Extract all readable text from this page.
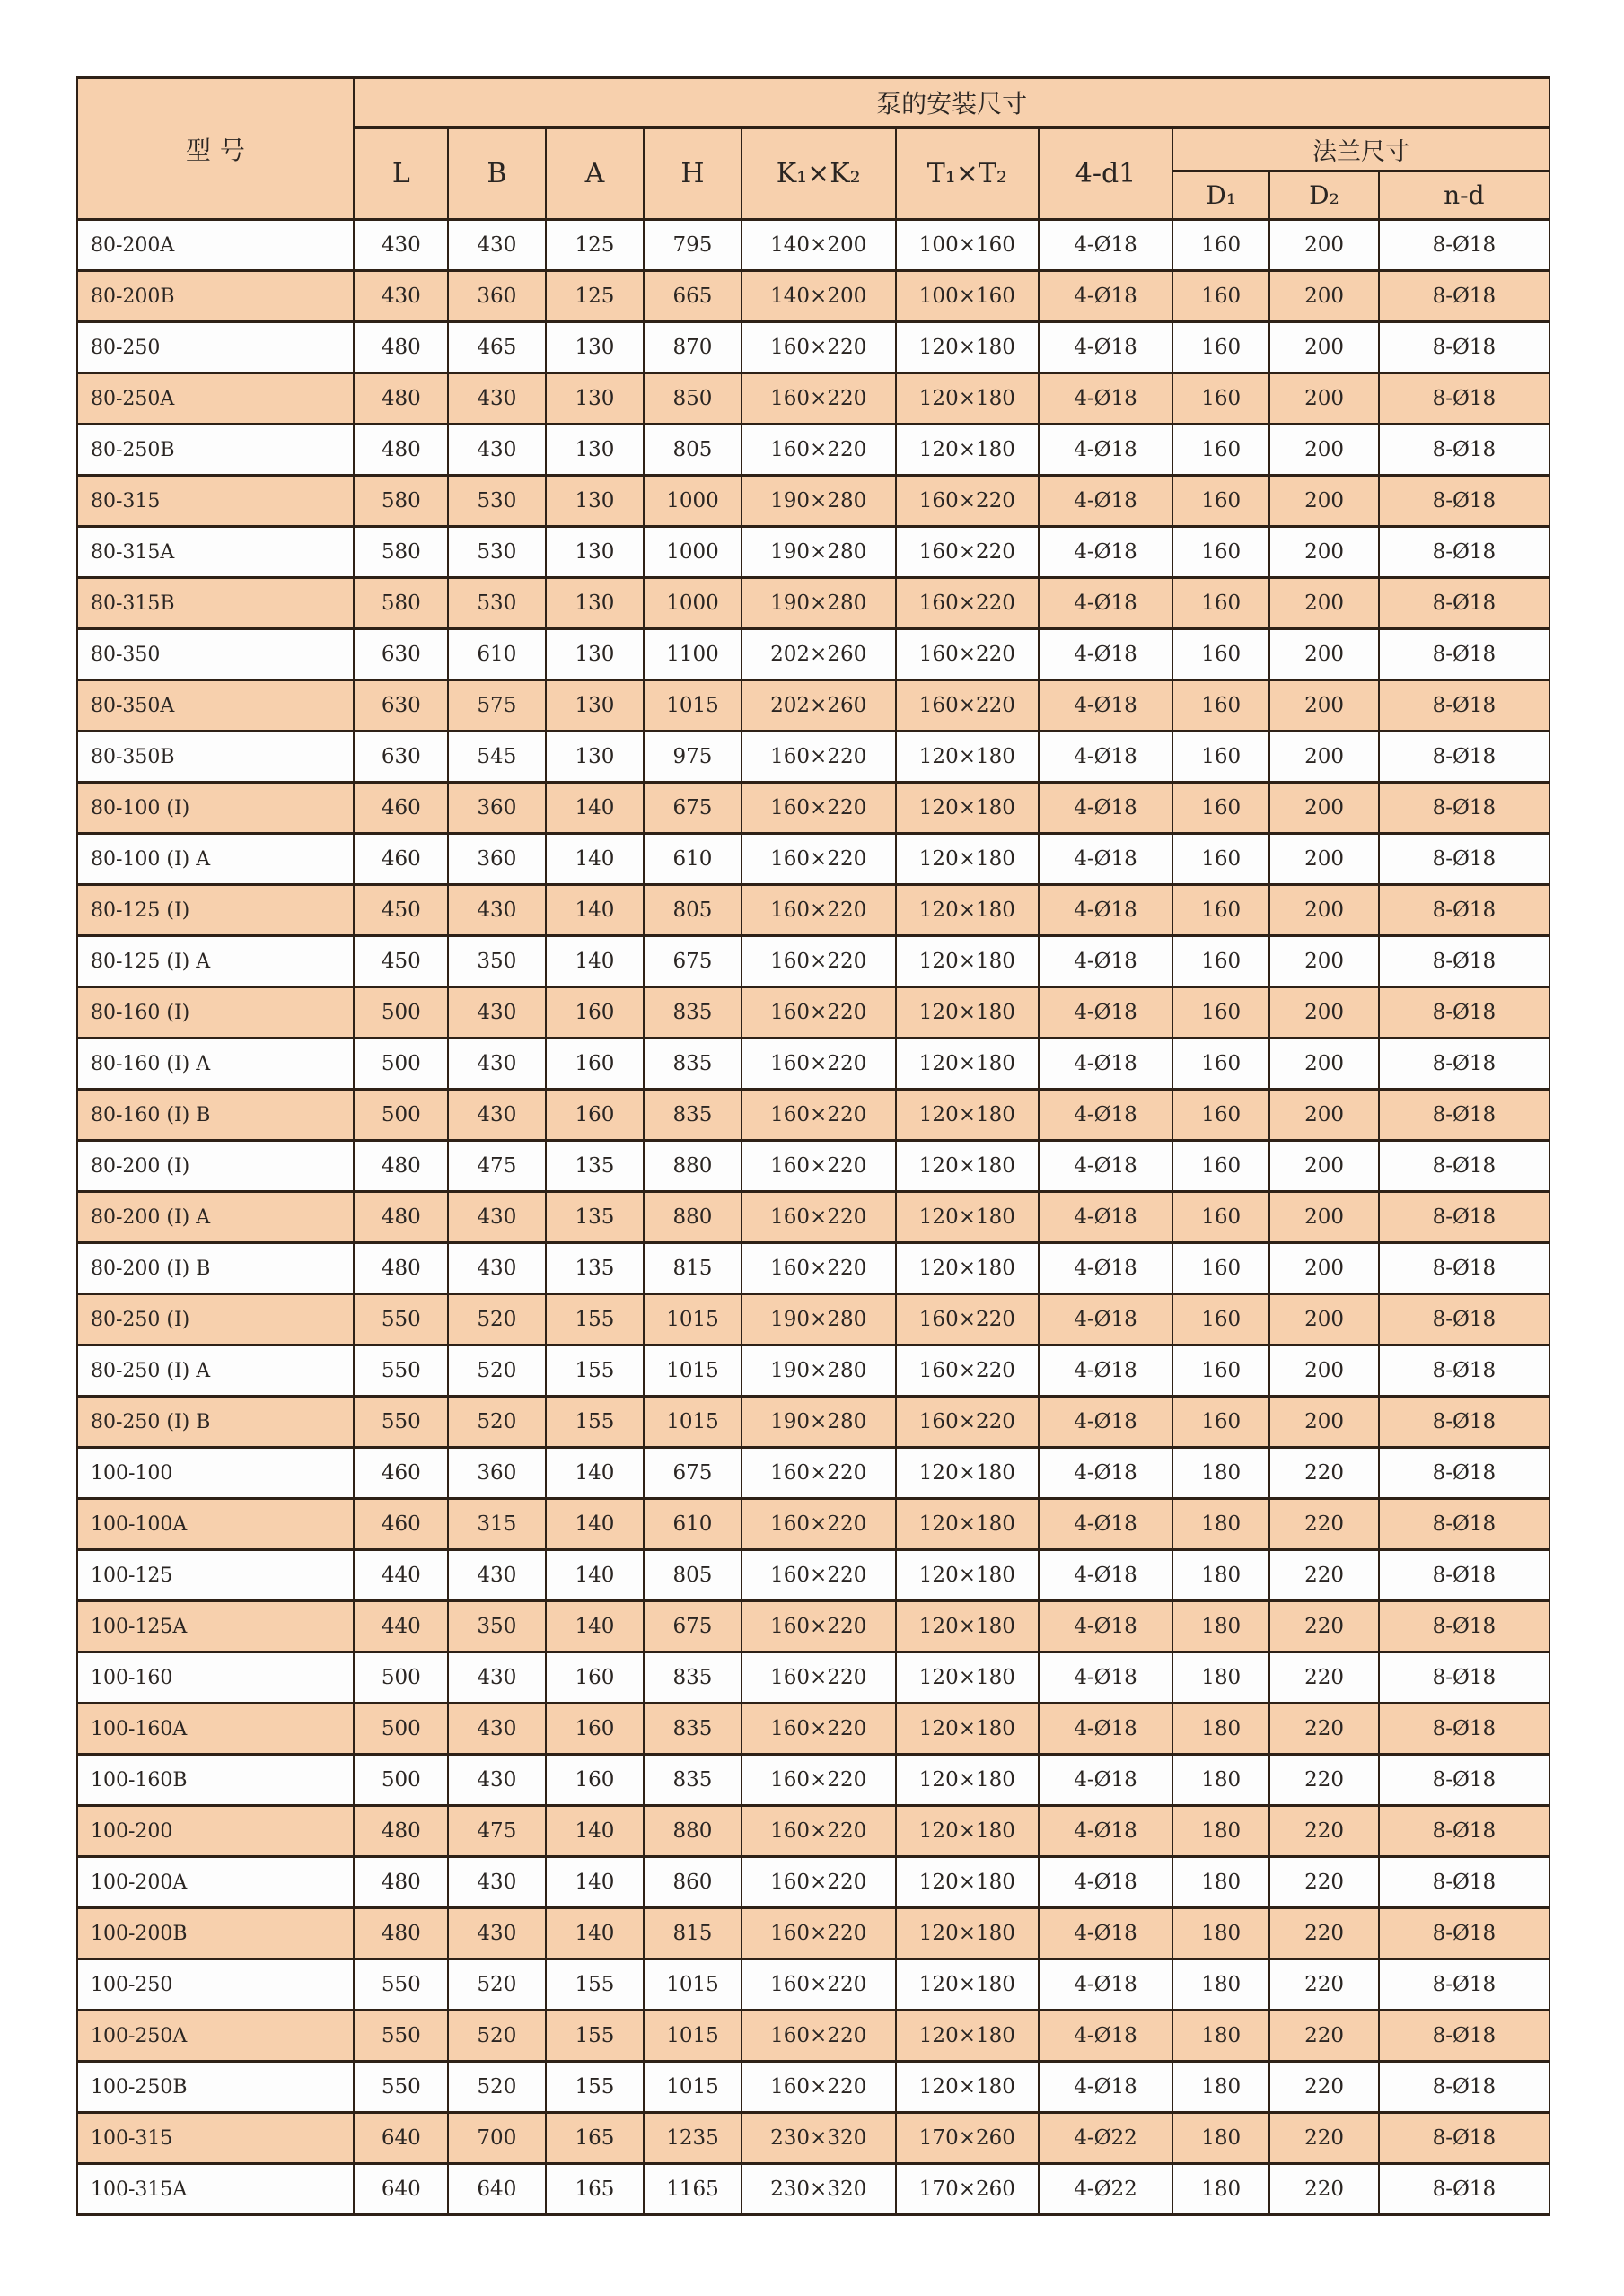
型 号	泵的安装尺寸									
	L	B	A	H	K₁×K₂	T₁×T₂	4-d1	法兰尺寸		
								D₁	D₂	n-d
80-200A	430	430	125	795	140×200	100×160	4-Ø18	160	200	8-Ø18
80-200B	430	360	125	665	140×200	100×160	4-Ø18	160	200	8-Ø18
80-250	480	465	130	870	160×220	120×180	4-Ø18	160	200	8-Ø18
80-250A	480	430	130	850	160×220	120×180	4-Ø18	160	200	8-Ø18
80-250B	480	430	130	805	160×220	120×180	4-Ø18	160	200	8-Ø18
80-315	580	530	130	1000	190×280	160×220	4-Ø18	160	200	8-Ø18
80-315A	580	530	130	1000	190×280	160×220	4-Ø18	160	200	8-Ø18
80-315B	580	530	130	1000	190×280	160×220	4-Ø18	160	200	8-Ø18
80-350	630	610	130	1100	202×260	160×220	4-Ø18	160	200	8-Ø18
80-350A	630	575	130	1015	202×260	160×220	4-Ø18	160	200	8-Ø18
80-350B	630	545	130	975	160×220	120×180	4-Ø18	160	200	8-Ø18
80-100 (I)	460	360	140	675	160×220	120×180	4-Ø18	160	200	8-Ø18
80-100 (I) A	460	360	140	610	160×220	120×180	4-Ø18	160	200	8-Ø18
80-125 (I)	450	430	140	805	160×220	120×180	4-Ø18	160	200	8-Ø18
80-125 (I) A	450	350	140	675	160×220	120×180	4-Ø18	160	200	8-Ø18
80-160 (I)	500	430	160	835	160×220	120×180	4-Ø18	160	200	8-Ø18
80-160 (I) A	500	430	160	835	160×220	120×180	4-Ø18	160	200	8-Ø18
80-160 (I) B	500	430	160	835	160×220	120×180	4-Ø18	160	200	8-Ø18
80-200 (I)	480	475	135	880	160×220	120×180	4-Ø18	160	200	8-Ø18
80-200 (I) A	480	430	135	880	160×220	120×180	4-Ø18	160	200	8-Ø18
80-200 (I) B	480	430	135	815	160×220	120×180	4-Ø18	160	200	8-Ø18
80-250 (I)	550	520	155	1015	190×280	160×220	4-Ø18	160	200	8-Ø18
80-250 (I) A	550	520	155	1015	190×280	160×220	4-Ø18	160	200	8-Ø18
80-250 (I) B	550	520	155	1015	190×280	160×220	4-Ø18	160	200	8-Ø18
100-100	460	360	140	675	160×220	120×180	4-Ø18	180	220	8-Ø18
100-100A	460	315	140	610	160×220	120×180	4-Ø18	180	220	8-Ø18
100-125	440	430	140	805	160×220	120×180	4-Ø18	180	220	8-Ø18
100-125A	440	350	140	675	160×220	120×180	4-Ø18	180	220	8-Ø18
100-160	500	430	160	835	160×220	120×180	4-Ø18	180	220	8-Ø18
100-160A	500	430	160	835	160×220	120×180	4-Ø18	180	220	8-Ø18
100-160B	500	430	160	835	160×220	120×180	4-Ø18	180	220	8-Ø18
100-200	480	475	140	880	160×220	120×180	4-Ø18	180	220	8-Ø18
100-200A	480	430	140	860	160×220	120×180	4-Ø18	180	220	8-Ø18
100-200B	480	430	140	815	160×220	120×180	4-Ø18	180	220	8-Ø18
100-250	550	520	155	1015	160×220	120×180	4-Ø18	180	220	8-Ø18
100-250A	550	520	155	1015	160×220	120×180	4-Ø18	180	220	8-Ø18
100-250B	550	520	155	1015	160×220	120×180	4-Ø18	180	220	8-Ø18
100-315	640	700	165	1235	230×320	170×260	4-Ø22	180	220	8-Ø18
100-315A	640	640	165	1165	230×320	170×260	4-Ø22	180	220	8-Ø18
